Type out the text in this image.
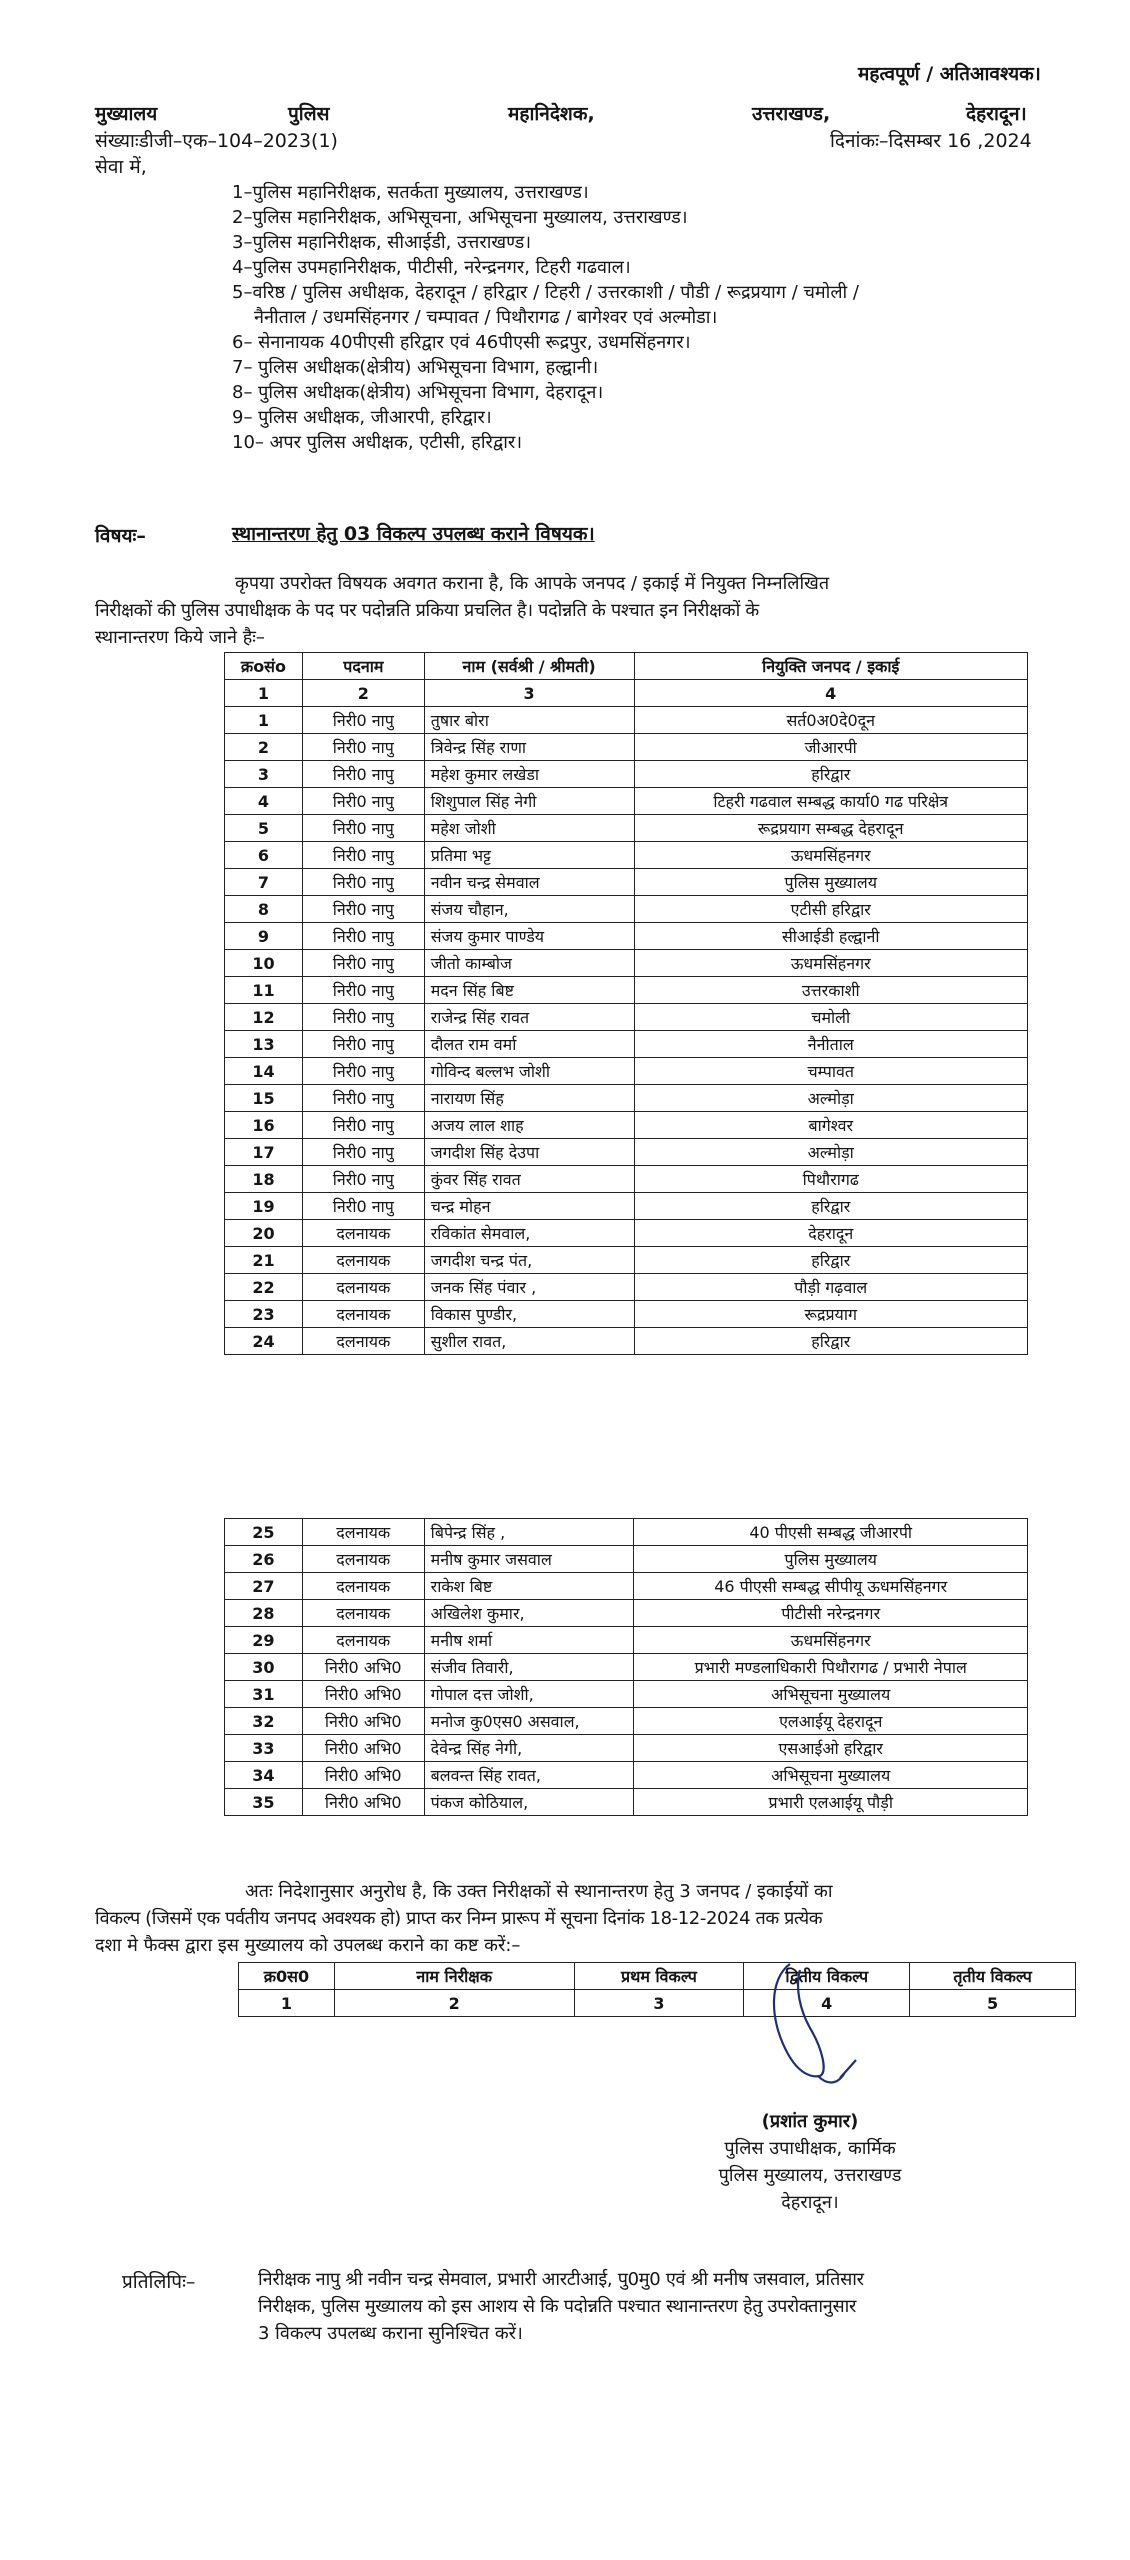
महत्वपूर्ण / अतिआवश्यक।
मुख्यालय	पुलिस	महानिदेशक,	उत्तराखण्ड,	देहरादून।
संख्याःडीजी–एक–104–2023(1)	दिनांकः–दिसम्बर 16 ,2024
सेवा में,
1–पुलिस महानिरीक्षक, सतर्कता मुख्यालय, उत्तराखण्ड।
2–पुलिस महानिरीक्षक, अभिसूचना, अभिसूचना मुख्यालय, उत्तराखण्ड।
3–पुलिस महानिरीक्षक, सीआईडी, उत्तराखण्ड।
4–पुलिस उपमहानिरीक्षक, पीटीसी, नरेन्द्रनगर, टिहरी गढवाल।
5–वरिष्ठ / पुलिस अधीक्षक, देहरादून / हरिद्वार / टिहरी / उत्तरकाशी / पौडी / रूद्रप्रयाग / चमोली /
नैनीताल / उधमसिंहनगर / चम्पावत / पिथौरागढ / बागेश्वर एवं अल्मोडा।
6– सेनानायक 40पीएसी हरिद्वार एवं 46पीएसी रूद्रपुर, उधमसिंहनगर।
7– पुलिस अधीक्षक(क्षेत्रीय) अभिसूचना विभाग, हल्द्वानी।
8– पुलिस अधीक्षक(क्षेत्रीय) अभिसूचना विभाग, देहरादून।
9– पुलिस अधीक्षक, जीआरपी, हरिद्वार।
10– अपर पुलिस अधीक्षक, एटीसी, हरिद्वार।
विषयः–	स्थानान्तरण हेतु 03 विकल्प उपलब्ध कराने विषयक।
कृपया उपरोक्त विषयक अवगत कराना है, कि आपके जनपद / इकाई में नियुक्त निम्नलिखित
निरीक्षकों की पुलिस उपाधीक्षक के पद पर पदोन्नति प्रकिया प्रचलित है। पदोन्नति के पश्चात इन निरीक्षकों के
स्थानान्तरण किये जाने हैः–
क्रoसंo	पदनाम	नाम (सर्वश्री / श्रीमती)	नियुक्ति जनपद / इकाई
1	2	3	4
1	निरी0 नापु	तुषार बोरा	सर्त0अ0दे0दून
2	निरी0 नापु	त्रिवेन्द्र सिंह राणा	जीआरपी
3	निरी0 नापु	महेश कुमार लखेडा	हरिद्वार
4	निरी0 नापु	शिशुपाल सिंह नेगी	टिहरी गढवाल सम्बद्ध कार्या0 गढ परिक्षेत्र
5	निरी0 नापु	महेश जोशी	रूद्रप्रयाग सम्बद्ध देहरादून
6	निरी0 नापु	प्रतिमा भट्ट	ऊधमसिंहनगर
7	निरी0 नापु	नवीन चन्द्र सेमवाल	पुलिस मुख्यालय
8	निरी0 नापु	संजय चौहान,	एटीसी हरिद्वार
9	निरी0 नापु	संजय कुमार पाण्डेय	सीआईडी हल्द्वानी
10	निरी0 नापु	जीतो काम्बोज	ऊधमसिंहनगर
11	निरी0 नापु	मदन सिंह बिष्ट	उत्तरकाशी
12	निरी0 नापु	राजेन्द्र सिंह रावत	चमोली
13	निरी0 नापु	दौलत राम वर्मा	नैनीताल
14	निरी0 नापु	गोविन्द बल्लभ जोशी	चम्पावत
15	निरी0 नापु	नारायण सिंह	अल्मोड़ा
16	निरी0 नापु	अजय लाल शाह	बागेश्वर
17	निरी0 नापु	जगदीश सिंह देउपा	अल्मोड़ा
18	निरी0 नापु	कुंवर सिंह रावत	पिथौरागढ
19	निरी0 नापु	चन्द्र मोहन	हरिद्वार
20	दलनायक	रविकांत सेमवाल,	देहरादून
21	दलनायक	जगदीश चन्द्र पंत,	हरिद्वार
22	दलनायक	जनक सिंह पंवार ,	पौड़ी गढ़वाल
23	दलनायक	विकास पुण्डीर,	रूद्रप्रयाग
24	दलनायक	सुशील रावत,	हरिद्वार
25	दलनायक	बिपेन्द्र सिंह ,	40 पीएसी सम्बद्ध जीआरपी
26	दलनायक	मनीष कुमार जसवाल	पुलिस मुख्यालय
27	दलनायक	राकेश बिष्ट	46 पीएसी सम्बद्ध सीपीयू ऊधमसिंहनगर
28	दलनायक	अखिलेश कुमार,	पीटीसी नरेन्द्रनगर
29	दलनायक	मनीष शर्मा	ऊधमसिंहनगर
30	निरी0 अभि0	संजीव तिवारी,	प्रभारी मण्डलाधिकारी पिथौरागढ / प्रभारी नेपाल
31	निरी0 अभि0	गोपाल दत्त जोशी,	अभिसूचना मुख्यालय
32	निरी0 अभि0	मनोज कु0एस0 असवाल,	एलआईयू देहरादून
33	निरी0 अभि0	देवेन्द्र सिंह नेगी,	एसआईओ हरिद्वार
34	निरी0 अभि0	बलवन्त सिंह रावत,	अभिसूचना मुख्यालय
35	निरी0 अभि0	पंकज कोठियाल,	प्रभारी एलआईयू पौड़ी
अतः निदेशानुसार अनुरोध है, कि उक्त निरीक्षकों से स्थानान्तरण हेतु 3 जनपद / इकाईयों का
विकल्प (जिसमें एक पर्वतीय जनपद अवश्यक हो) प्राप्त कर निम्न प्रारूप में सूचना दिनांक 18-12-2024 तक प्रत्येक
दशा मे फैक्स द्वारा इस मुख्यालय को उपलब्ध कराने का कष्ट करें:–
क्र0स0	नाम निरीक्षक	प्रथम विकल्प	द्वितीय विकल्प	तृतीय विकल्प
1	2	3	4	5
(प्रशांत कुमार)
पुलिस उपाधीक्षक, कार्मिक
पुलिस मुख्यालय, उत्तराखण्ड
देहरादून।
प्रतिलिपिः–	निरीक्षक नापु श्री नवीन चन्द्र सेमवाल, प्रभारी आरटीआई, पु0मु0 एवं श्री मनीष जसवाल, प्रतिसार
निरीक्षक, पुलिस मुख्यालय को इस आशय से कि पदोन्नति पश्चात स्थानान्तरण हेतु उपरोक्तानुसार
3 विकल्प उपलब्ध कराना सुनिश्चित करें।
